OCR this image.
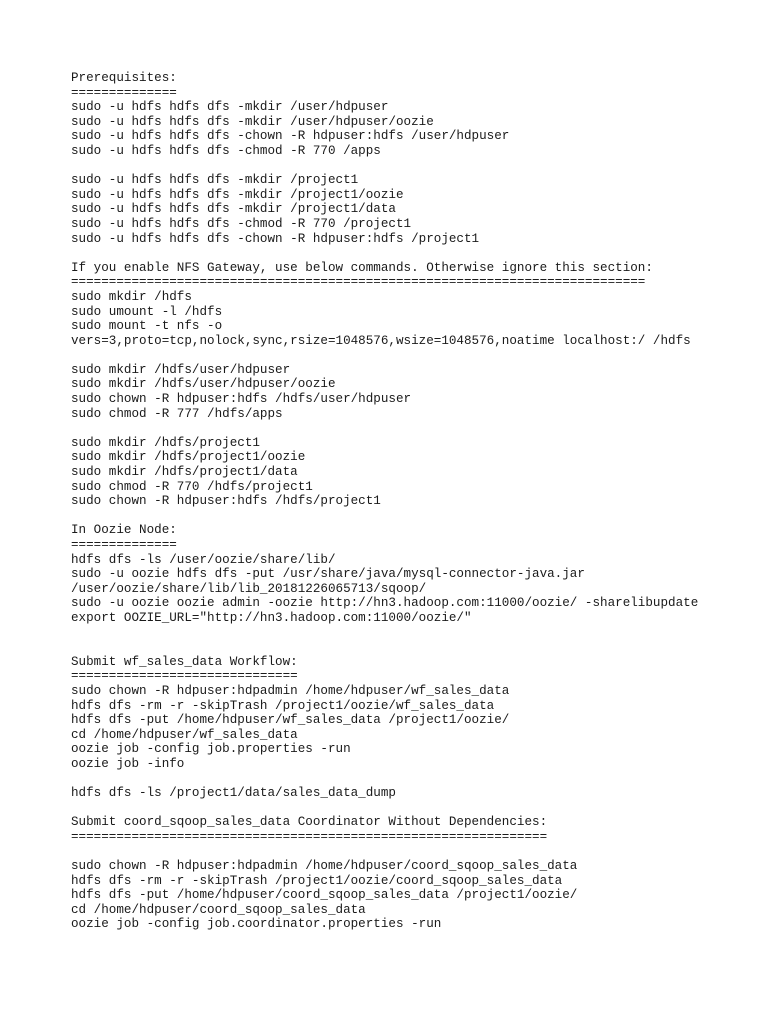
Prerequisites:
==============
sudo -u hdfs hdfs dfs -mkdir /user/hdpuser
sudo -u hdfs hdfs dfs -mkdir /user/hdpuser/oozie
sudo -u hdfs hdfs dfs -chown -R hdpuser:hdfs /user/hdpuser
sudo -u hdfs hdfs dfs -chmod -R 770 /apps
sudo -u hdfs hdfs dfs -mkdir /project1
sudo -u hdfs hdfs dfs -mkdir /project1/oozie
sudo -u hdfs hdfs dfs -mkdir /project1/data
sudo -u hdfs hdfs dfs -chmod -R 770 /project1
sudo -u hdfs hdfs dfs -chown -R hdpuser:hdfs /project1
If you enable NFS Gateway, use below commands. Otherwise ignore this section:
============================================================================
sudo mkdir /hdfs
sudo umount -l /hdfs
sudo mount -t nfs -o
vers=3,proto=tcp,nolock,sync,rsize=1048576,wsize=1048576,noatime localhost:/ /hdfs
sudo mkdir /hdfs/user/hdpuser
sudo mkdir /hdfs/user/hdpuser/oozie
sudo chown -R hdpuser:hdfs /hdfs/user/hdpuser
sudo chmod -R 777 /hdfs/apps
sudo mkdir /hdfs/project1
sudo mkdir /hdfs/project1/oozie
sudo mkdir /hdfs/project1/data
sudo chmod -R 770 /hdfs/project1
sudo chown -R hdpuser:hdfs /hdfs/project1
In Oozie Node:
==============
hdfs dfs -ls /user/oozie/share/lib/
sudo -u oozie hdfs dfs -put /usr/share/java/mysql-connector-java.jar
/user/oozie/share/lib/lib_20181226065713/sqoop/
sudo -u oozie oozie admin -oozie http://hn3.hadoop.com:11000/oozie/ -sharelibupdate
export OOZIE_URL="http://hn3.hadoop.com:11000/oozie/"
Submit wf_sales_data Workflow:
==============================
sudo chown -R hdpuser:hdpadmin /home/hdpuser/wf_sales_data
hdfs dfs -rm -r -skipTrash /project1/oozie/wf_sales_data
hdfs dfs -put /home/hdpuser/wf_sales_data /project1/oozie/
cd /home/hdpuser/wf_sales_data
oozie job -config job.properties -run
oozie job -info
hdfs dfs -ls /project1/data/sales_data_dump
Submit coord_sqoop_sales_data Coordinator Without Dependencies:
===============================================================
sudo chown -R hdpuser:hdpadmin /home/hdpuser/coord_sqoop_sales_data
hdfs dfs -rm -r -skipTrash /project1/oozie/coord_sqoop_sales_data
hdfs dfs -put /home/hdpuser/coord_sqoop_sales_data /project1/oozie/
cd /home/hdpuser/coord_sqoop_sales_data
oozie job -config job.coordinator.properties -run
